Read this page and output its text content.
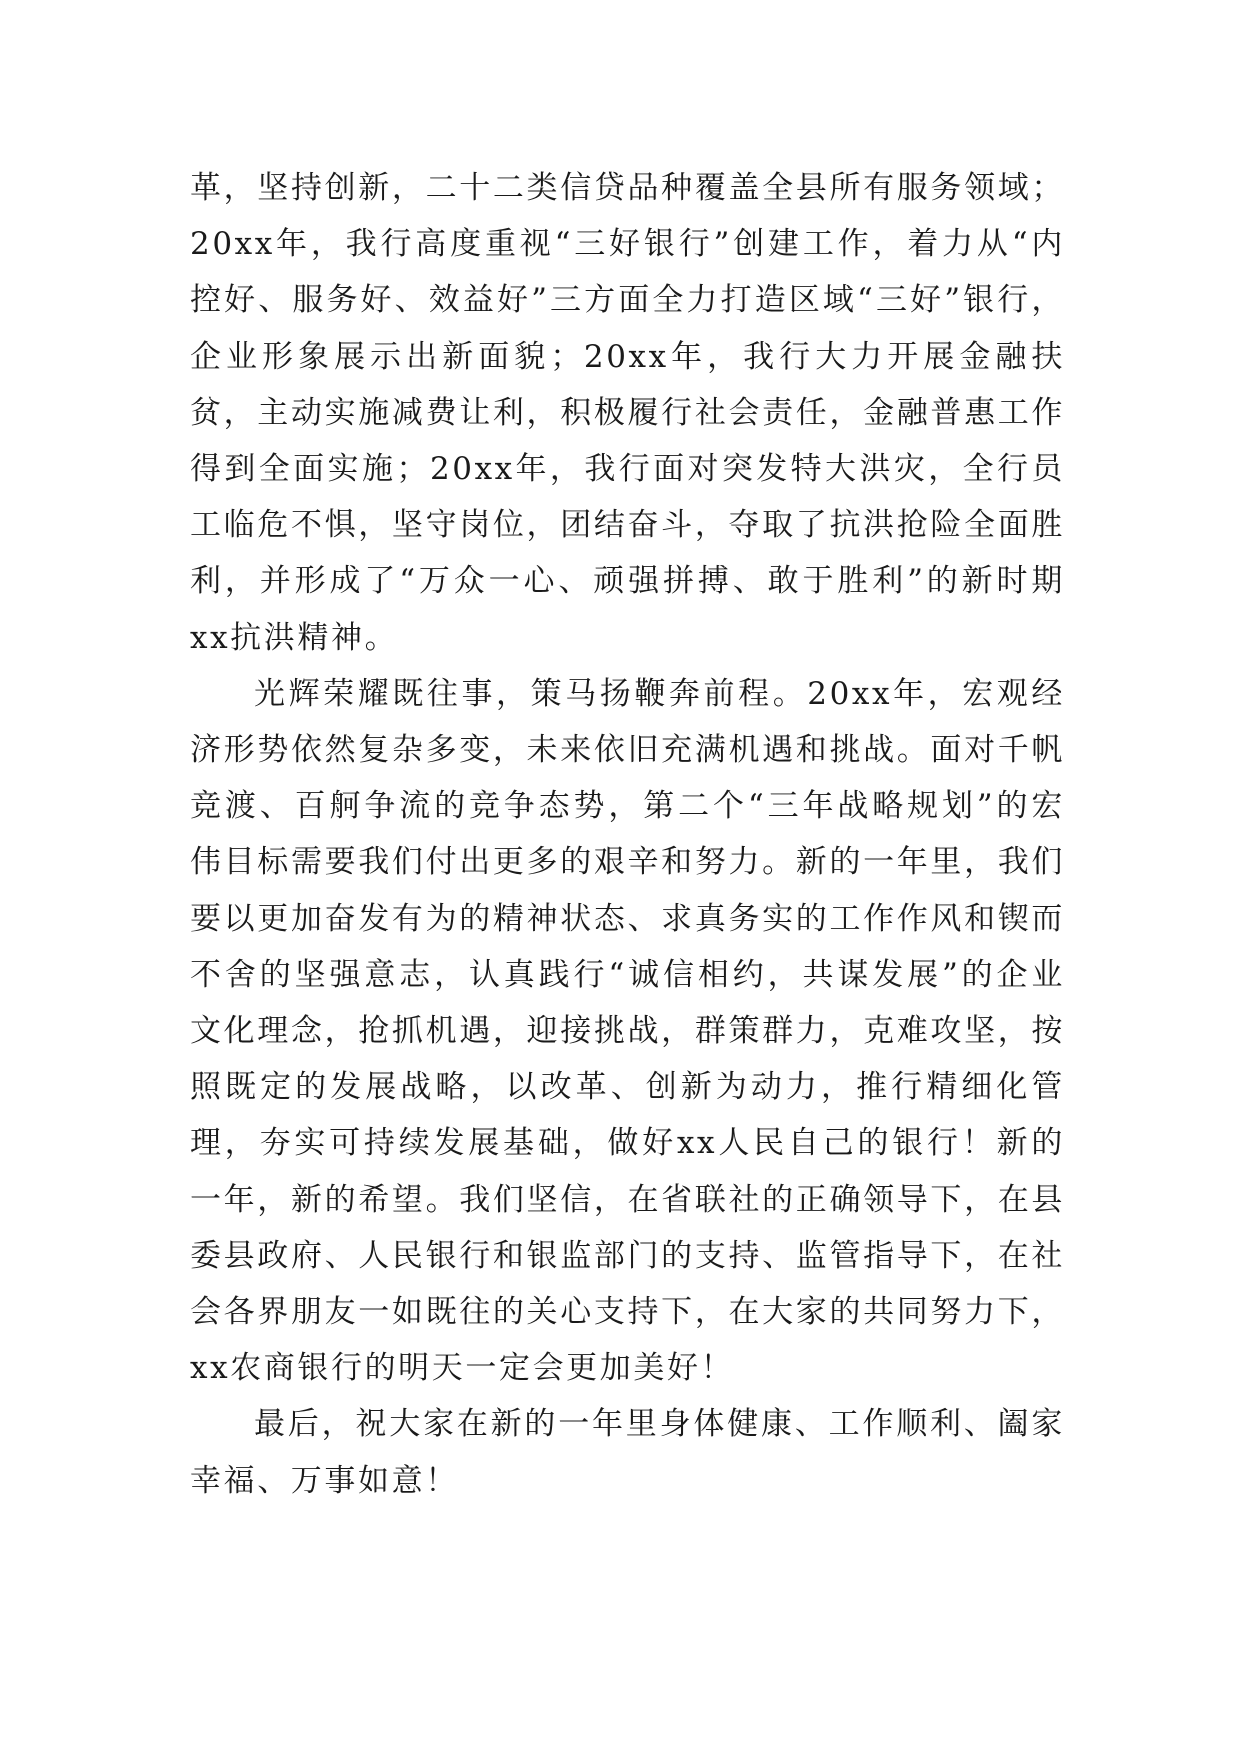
革，坚持创新，二十二类信贷品种覆盖全县所有服务领域；20xx年，我行高度重视“三好银行”创建工作，着力从“内控好、服务好、效益好”三方面全力打造区域“三好”银行，企业形象展示出新面貌；20xx年，我行大力开展金融扶贫，主动实施减费让利，积极履行社会责任，金融普惠工作得到全面实施；20xx年，我行面对突发特大洪灾，全行员工临危不惧，坚守岗位，团结奋斗，夺取了抗洪抢险全面胜利，并形成了“万众一心、顽强拼搏、敢于胜利”的新时期xx抗洪精神。

光辉荣耀既往事，策马扬鞭奔前程。20xx年，宏观经济形势依然复杂多变，未来依旧充满机遇和挑战。面对千帆竞渡、百舸争流的竞争态势，第二个“三年战略规划”的宏伟目标需要我们付出更多的艰辛和努力。新的一年里，我们要以更加奋发有为的精神状态、求真务实的工作作风和锲而不舍的坚强意志，认真践行“诚信相约，共谋发展”的企业文化理念，抢抓机遇，迎接挑战，群策群力，克难攻坚，按照既定的发展战略，以改革、创新为动力，推行精细化管理，夯实可持续发展基础，做好xx人民自己的银行！新的一年，新的希望。我们坚信，在省联社的正确领导下，在县委县政府、人民银行和银监部门的支持、监管指导下，在社会各界朋友一如既往的关心支持下，在大家的共同努力下，xx农商银行的明天一定会更加美好！

最后，祝大家在新的一年里身体健康、工作顺利、阖家幸福、万事如意！
